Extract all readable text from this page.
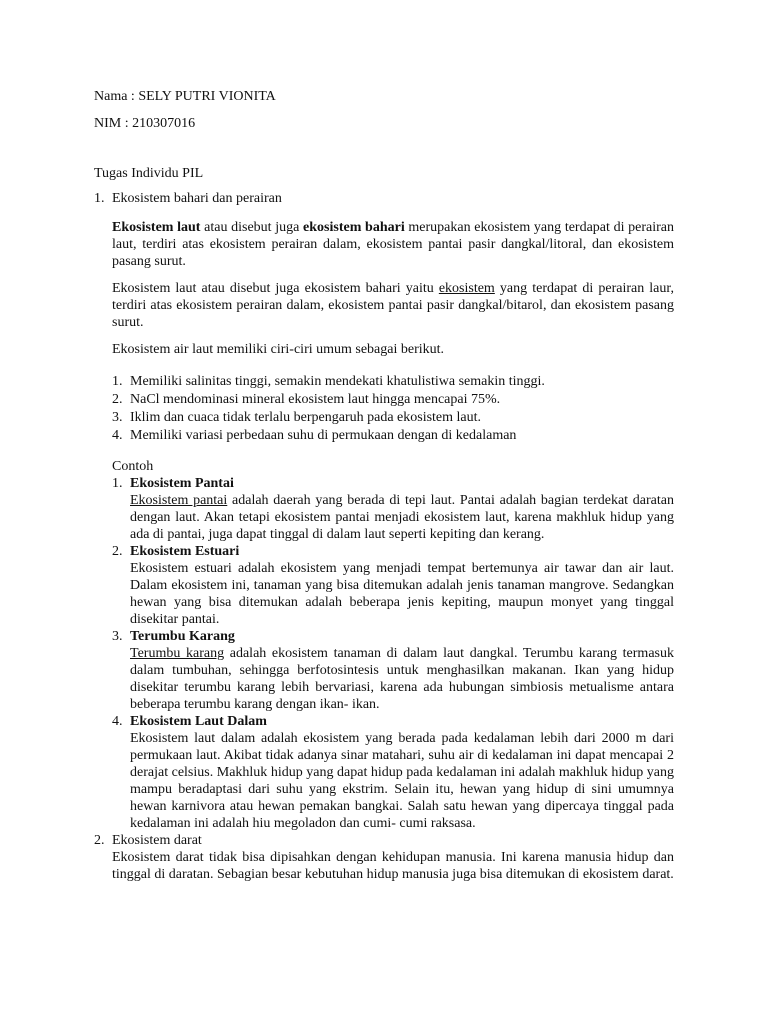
Nama : SELY PUTRI VIONITA

NIM : 210307016

Tugas Individu PIL

1. Ekosistem bahari dan perairan

Ekosistem laut atau disebut juga ekosistem bahari merupakan ekosistem yang terdapat di perairan laut, terdiri atas ekosistem perairan dalam, ekosistem pantai pasir dangkal/litoral, dan ekosistem pasang surut.

Ekosistem laut atau disebut juga ekosistem bahari yaitu ekosistem yang terdapat di perairan laur, terdiri atas ekosistem perairan dalam, ekosistem pantai pasir dangkal/bitarol, dan ekosistem pasang surut.

Ekosistem air laut memiliki ciri-ciri umum sebagai berikut.

1. Memiliki salinitas tinggi, semakin mendekati khatulistiwa semakin tinggi.
2. NaCl mendominasi mineral ekosistem laut hingga mencapai 75%.
3. Iklim dan cuaca tidak terlalu berpengaruh pada ekosistem laut.
4. Memiliki variasi perbedaan suhu di permukaan dengan di kedalaman

Contoh

1. Ekosistem Pantai
Ekosistem pantai adalah daerah yang berada di tepi laut. Pantai adalah bagian terdekat daratan dengan laut. Akan tetapi ekosistem pantai menjadi ekosistem laut, karena makhluk hidup yang ada di pantai, juga dapat tinggal di dalam laut seperti kepiting dan kerang.
2. Ekosistem Estuari
Ekosistem estuari adalah ekosistem yang menjadi tempat bertemunya air tawar dan air laut. Dalam ekosistem ini, tanaman yang bisa ditemukan adalah jenis tanaman mangrove. Sedangkan hewan yang bisa ditemukan adalah beberapa jenis kepiting, maupun monyet yang tinggal disekitar pantai.
3. Terumbu Karang
Terumbu karang adalah ekosistem tanaman di dalam laut dangkal. Terumbu karang termasuk dalam tumbuhan, sehingga berfotosintesis untuk menghasilkan makanan. Ikan yang hidup disekitar terumbu karang lebih bervariasi, karena ada hubungan simbiosis metualisme antara beberapa terumbu karang dengan ikan- ikan.
4. Ekosistem Laut Dalam
Ekosistem laut dalam adalah ekosistem yang berada pada kedalaman lebih dari 2000 m dari permukaan laut. Akibat tidak adanya sinar matahari, suhu air di kedalaman ini dapat mencapai 2 derajat celsius. Makhluk hidup yang dapat hidup pada kedalaman ini adalah makhluk hidup yang mampu beradaptasi dari suhu yang ekstrim. Selain itu, hewan yang hidup di sini umumnya hewan karnivora atau hewan pemakan bangkai. Salah satu hewan yang dipercaya tinggal pada kedalaman ini adalah hiu megoladon dan cumi- cumi raksasa.
2. Ekosistem darat
Ekosistem darat tidak bisa dipisahkan dengan kehidupan manusia. Ini karena manusia hidup dan tinggal di daratan. Sebagian besar kebutuhan hidup manusia juga bisa ditemukan di ekosistem darat.
